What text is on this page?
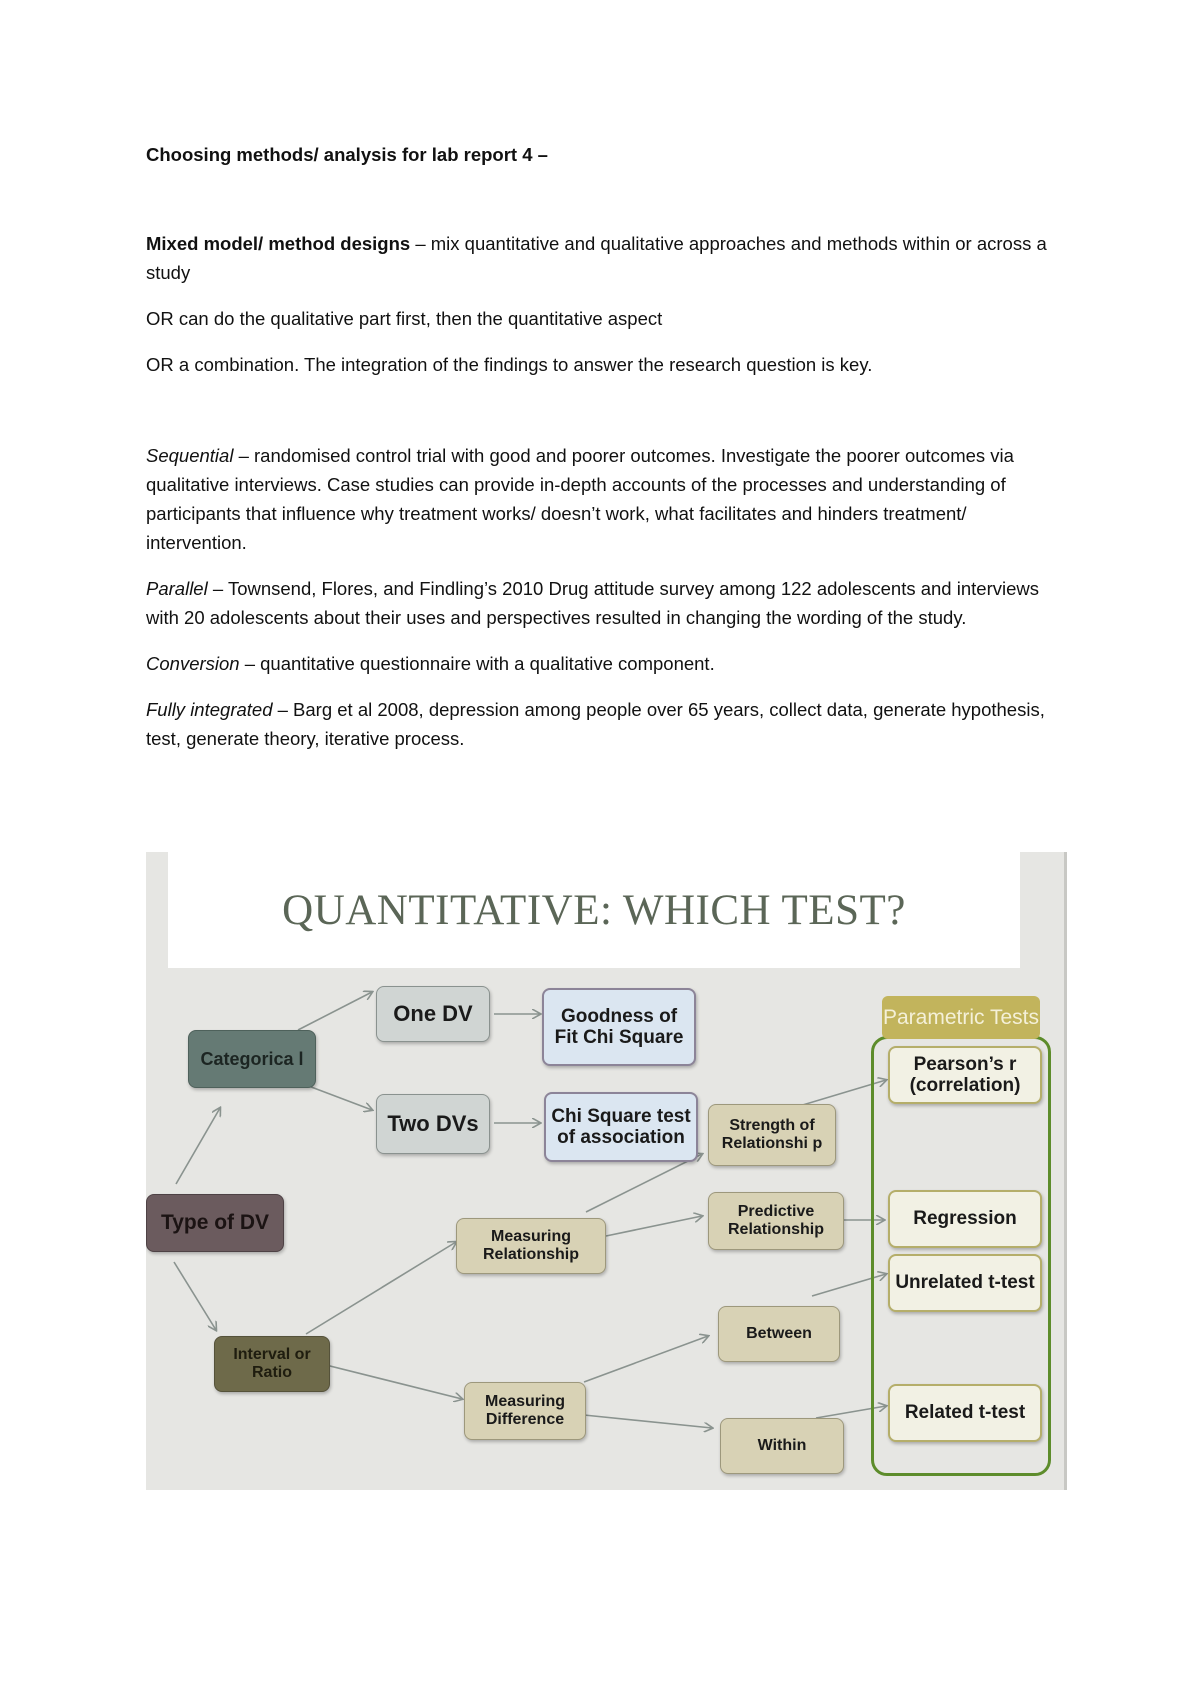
Choosing methods/ analysis for lab report 4 –

Mixed model/ method designs – mix quantitative and qualitative approaches and methods within or across a study

OR can do the qualitative part first, then the quantitative aspect

OR a combination. The integration of the findings to answer the research question is key.

Sequential – randomised control trial with good and poorer outcomes. Investigate the poorer outcomes via qualitative interviews. Case studies can provide in-depth accounts of the processes and understanding of participants that influence why treatment works/ doesn’t work, what facilitates and hinders treatment/ intervention.

Parallel – Townsend, Flores, and Findling’s 2010 Drug attitude survey among 122 adolescents and interviews with 20 adolescents about their uses and perspectives resulted in changing the wording of the study.

Conversion – quantitative questionnaire with a qualitative component.

Fully integrated – Barg et al 2008, depression among people over 65 years, collect data, generate hypothesis, test, generate theory, iterative process.

QUANTITATIVE: WHICH TEST?
Parametric Tests
Type of DV
Categorica l
Interval or Ratio
One DV
Two DVs
Goodness of Fit Chi Square
Chi Square test of association
Measuring Relationship
Measuring Difference
Strength of Relationshi p
Predictive Relationship
Between
Within
Pearson’s r (correlation)
Regression
Unrelated t-test
Related t-test
